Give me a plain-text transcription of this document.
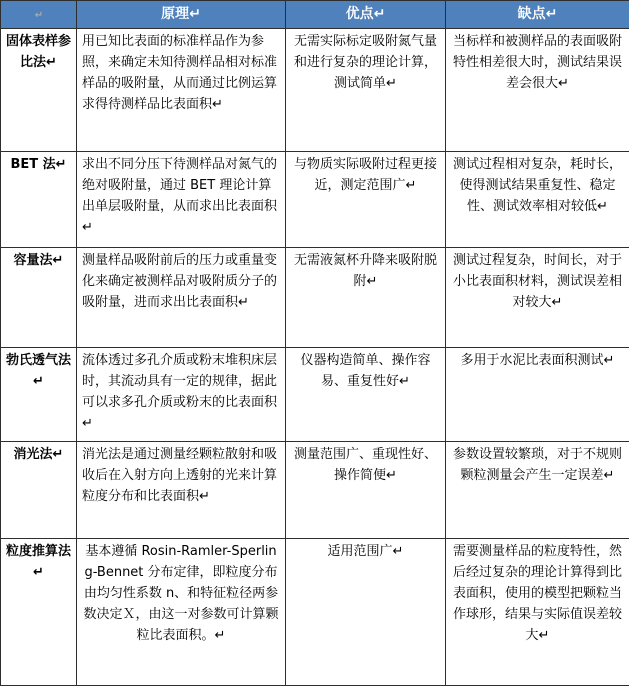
↵	原理↵	优点↵	缺点↵
固体表样参比法↵	用已知比表面的标准样品作为参照，来确定未知待测样品相对标准样品的吸附量，从而通过比例运算求得待测样品比表面积↵	无需实际标定吸附氮气量和进行复杂的理论计算，测试简单↵	当标样和被测样品的表面吸附特性相差很大时，测试结果误差会很大↵
BET 法↵	求出不同分压下待测样品对氮气的绝对吸附量，通过 BET 理论计算出单层吸附量，从而求出比表面积↵	与物质实际吸附过程更接近，测定范围广↵	测试过程相对复杂，耗时长，使得测试结果重复性、稳定性、测试效率相对较低↵
容量法↵	测量样品吸附前后的压力或重量变化来确定被测样品对吸附质分子的吸附量，进而求出比表面积↵	无需液氮杯升降来吸附脱附↵	测试过程复杂，时间长，对于小比表面积材料，测试误差相对较大↵
勃氏透气法↵	流体透过多孔介质或粉末堆积床层时，其流动具有一定的规律，据此可以求多孔介质或粉末的比表面积↵	仪器构造简单、操作容易、重复性好↵	多用于水泥比表面积测试↵
消光法↵	消光法是通过测量经颗粒散射和吸收后在入射方向上透射的光来计算粒度分布和比表面积↵	测量范围广、重现性好、操作简便↵	参数设置较繁琐，对于不规则颗粒测量会产生一定误差↵
粒度推算法↵	基本遵循 Rosin-Ramler-Sperling-Bennet 分布定律，即粒度分布由均匀性系数 n、和特征粒径两参数决定Ｘ，由这一对参数可计算颗粒比表面积。↵	适用范围广↵	需要测量样品的粒度特性，然后经过复杂的理论计算得到比表面积，使用的模型把颗粒当作球形，结果与实际值误差较大↵
